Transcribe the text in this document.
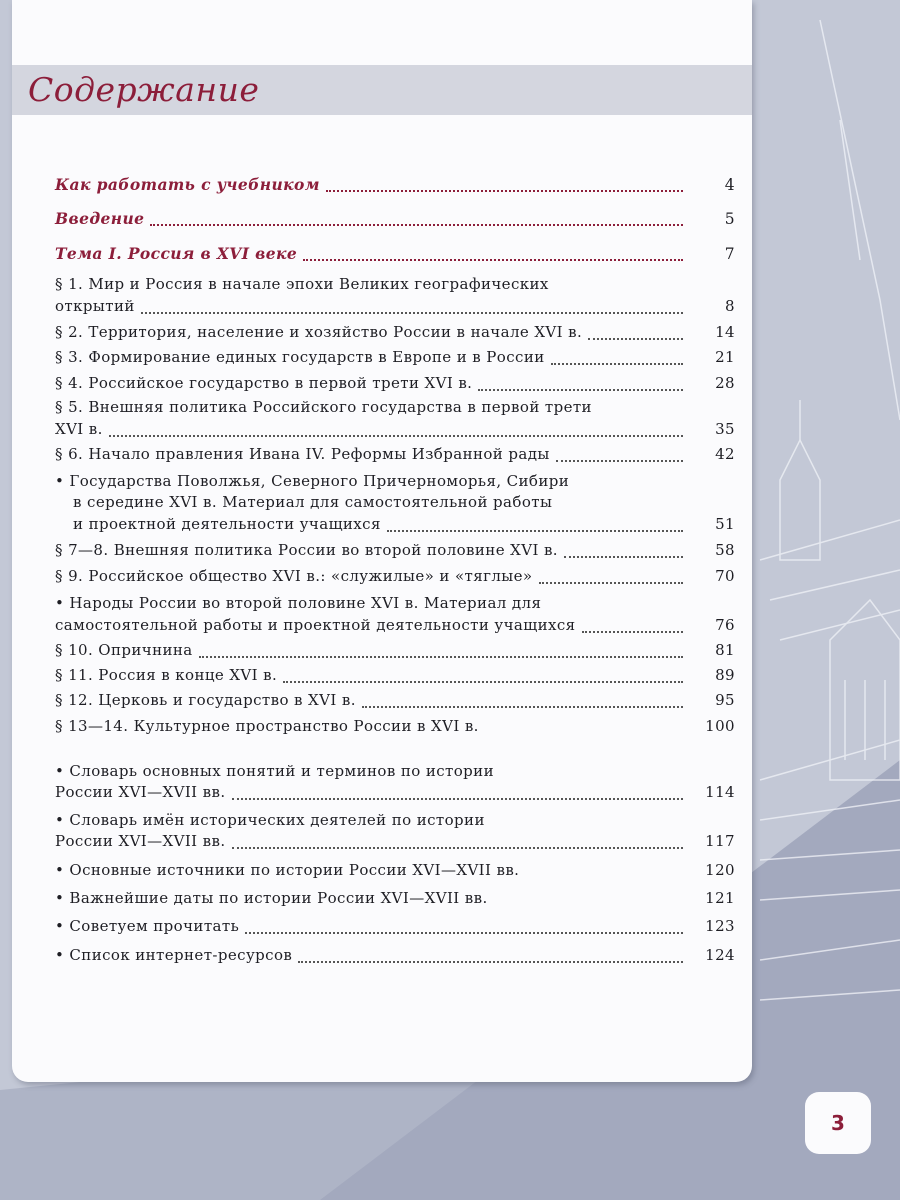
Содержание
Как работать с учебником	4
Введение	5
Тема I. Россия в XVI веке	7
§ 1. Мир и Россия в начале эпохи Великих географических
открытий	8
§ 2. Территория, население и хозяйство России в начале XVI в.	14
§ 3. Формирование единых государств в Европе и в России	21
§ 4. Российское государство в первой трети XVI в.	28
§ 5. Внешняя политика Российского государства в первой трети
XVI в.	35
§ 6. Начало правления Ивана IV. Реформы Избранной рады	42
• Государства Поволжья, Северного Причерноморья, Сибири
в середине XVI в. Материал для самостоятельной работы
и проектной деятельности учащихся	51
§ 7—8. Внешняя политика России во второй половине XVI в.	58
§ 9. Российское общество XVI в.: «служилые» и «тяглые»	70
• Народы России во второй половине XVI в. Материал для
самостоятельной работы и проектной деятельности учащихся	76
§ 10. Опричнина	81
§ 11. Россия в конце XVI в.	89
§ 12. Церковь и государство в XVI в.	95
§ 13—14. Культурное пространство России в XVI в.	100
• Словарь основных понятий и терминов по истории
России XVI—XVII вв.	114
• Словарь имён исторических деятелей по истории
России XVI—XVII вв.	117
• Основные источники по истории России XVI—XVII вв.	120
• Важнейшие даты по истории России XVI—XVII вв.	121
• Советуем прочитать	123
• Список интернет-ресурсов	124
3
